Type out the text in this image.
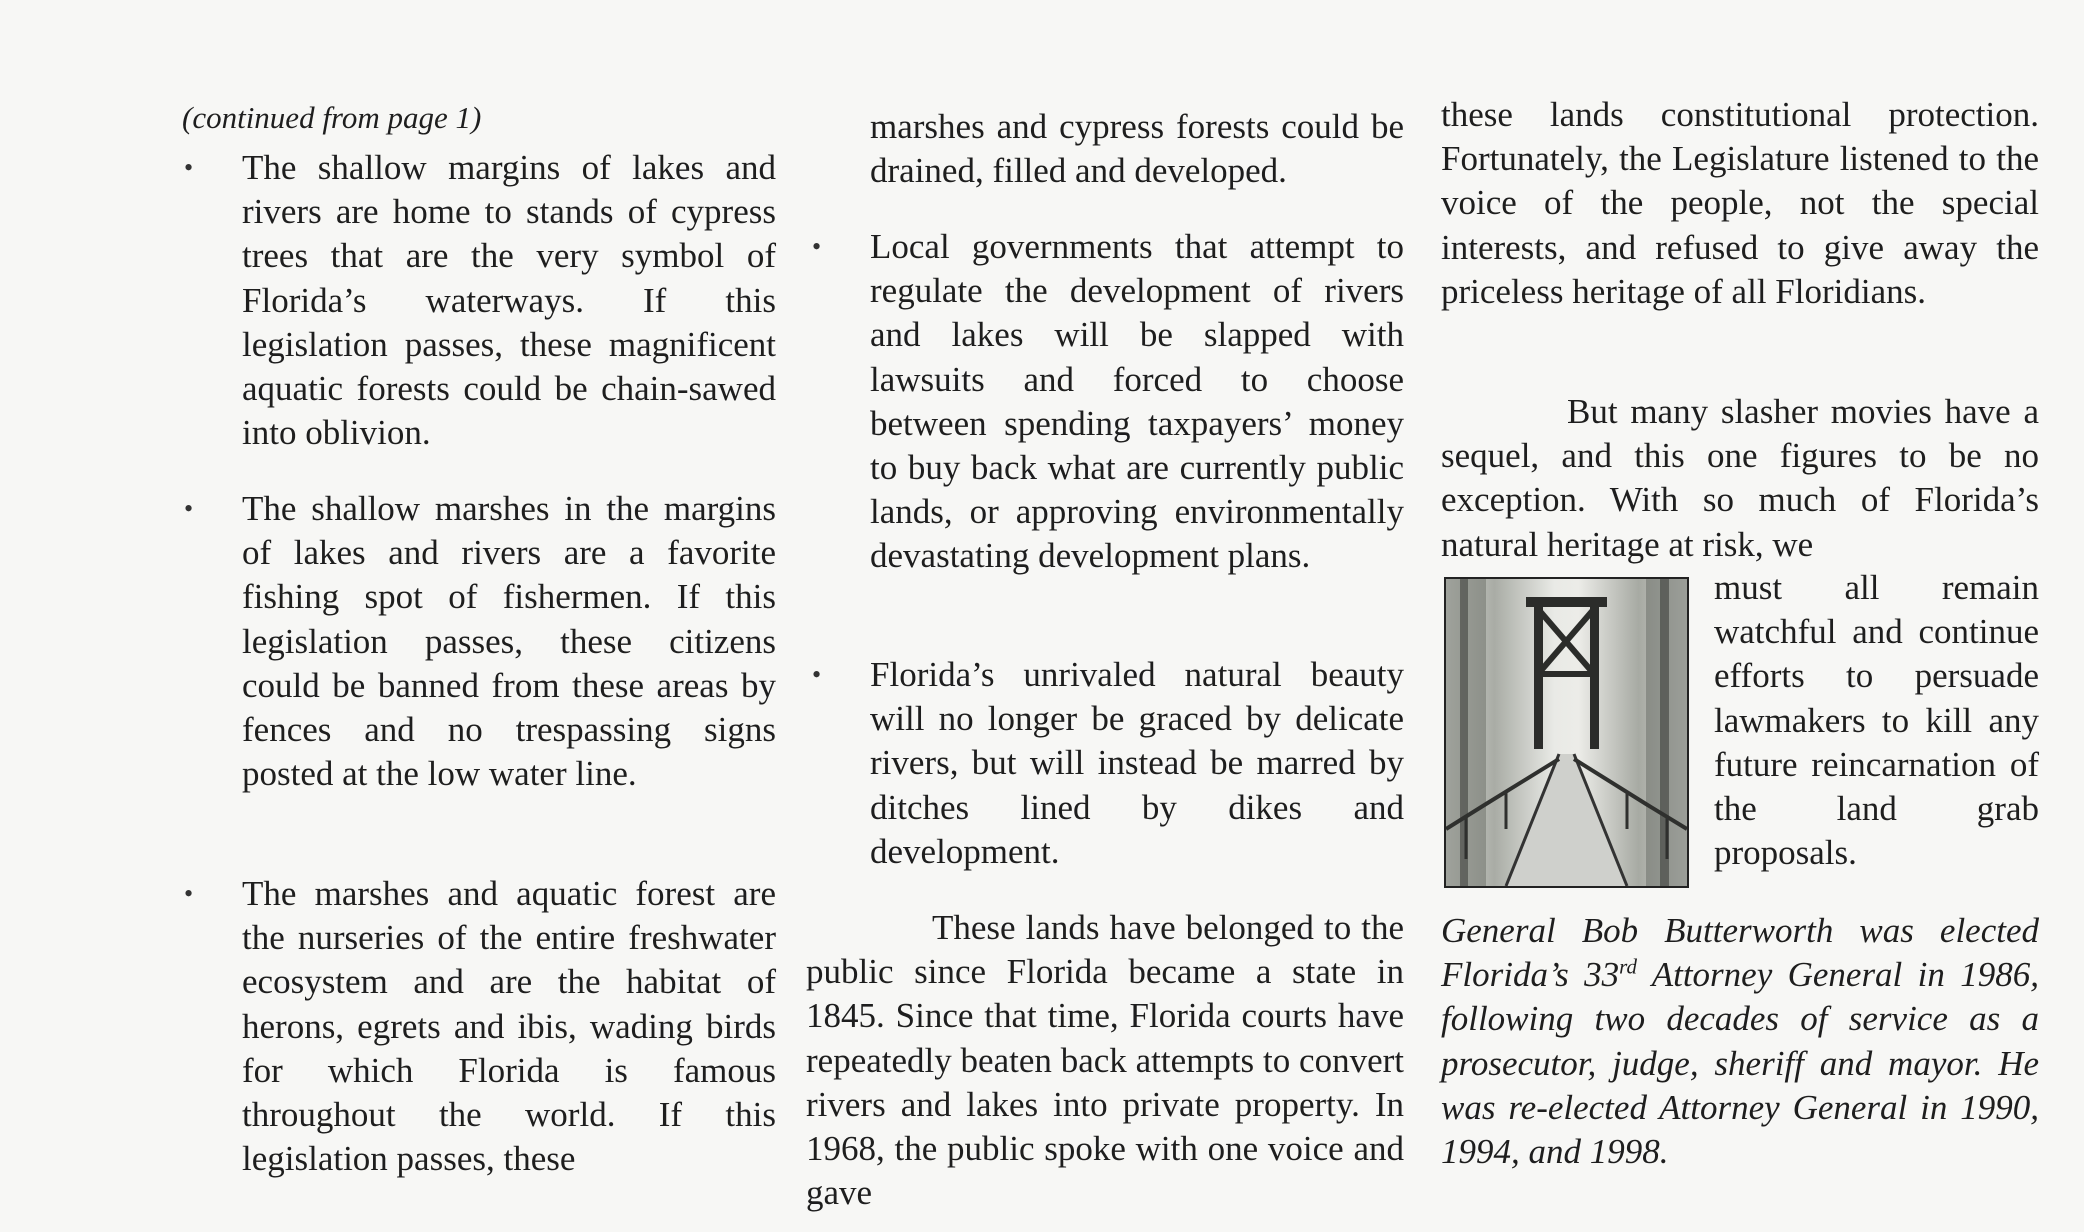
(continued from page 1)
• The shallow margins of lakes and rivers are home to stands of cypress trees that are the very symbol of Florida’s waterways. If this legislation passes, these magnificent aquatic forests could be chain-sawed into oblivion.

• The shallow marshes in the margins of lakes and rivers are a favorite fishing spot of fishermen. If this legislation passes, these citizens could be banned from these areas by fences and no trespassing signs posted at the low water line.

• The marshes and aquatic forest are the nurseries of the entire freshwater ecosystem and are the habitat of herons, egrets and ibis, wading birds for which Florida is famous throughout the world. If this legislation passes, these

marshes and cypress forests could be drained, filled and developed.

• Local governments that attempt to regulate the development of rivers and lakes will be slapped with lawsuits and forced to choose between spending taxpayers’ money to buy back what are currently public lands, or approving environmentally devastating development plans.

• Florida’s unrivaled natural beauty will no longer be graced by delicate rivers, but will instead be marred by ditches lined by dikes and development.

These lands have belonged to the public since Florida became a state in 1845. Since that time, Florida courts have repeatedly beaten back attempts to convert rivers and lakes into private property. In 1968, the public spoke with one voice and gave

these lands constitutional protection. Fortunately, the Legislature listened to the voice of the people, not the special interests, and refused to give away the priceless heritage of all Floridians.

But many slasher movies have a sequel, and this one figures to be no exception. With so much of Florida’s natural heritage at risk, we

must all remain watchful and continue efforts to persuade lawmakers to kill any future reincarnation of the land grab proposals.

General Bob Butterworth was elected Florida’s 33rd Attorney General in 1986, following two decades of service as a prosecutor, judge, sheriff and mayor. He was re-elected Attorney General in 1990, 1994, and 1998.
